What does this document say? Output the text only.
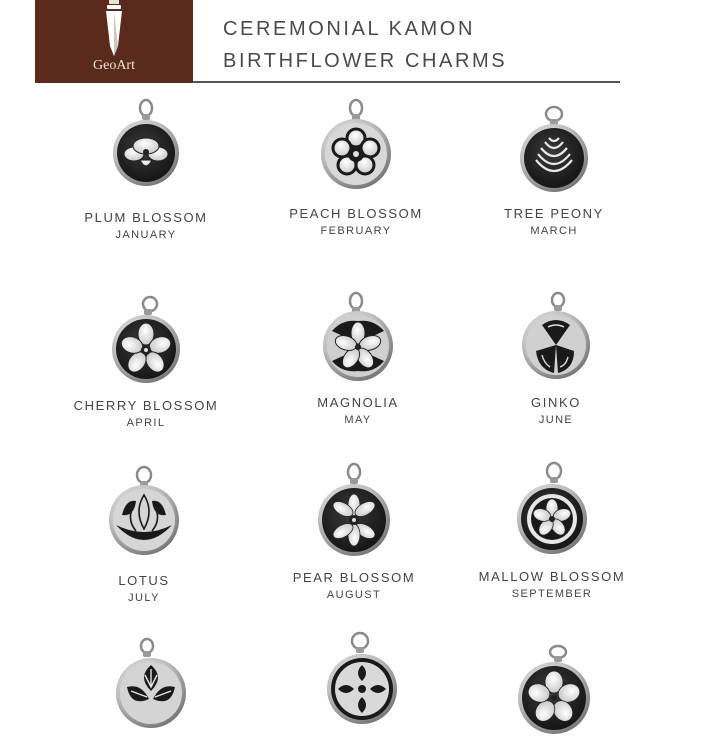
GeoArt
CEREMONIAL KAMON
BIRTHFLOWER CHARMS
PLUM BLOSSOM
JANUARY
PEACH BLOSSOM
FEBRUARY
TREE PEONY
MARCH
CHERRY BLOSSOM
APRIL
MAGNOLIA
MAY
GINKO
JUNE
LOTUS
JULY
PEAR BLOSSOM
AUGUST
MALLOW BLOSSOM
SEPTEMBER
